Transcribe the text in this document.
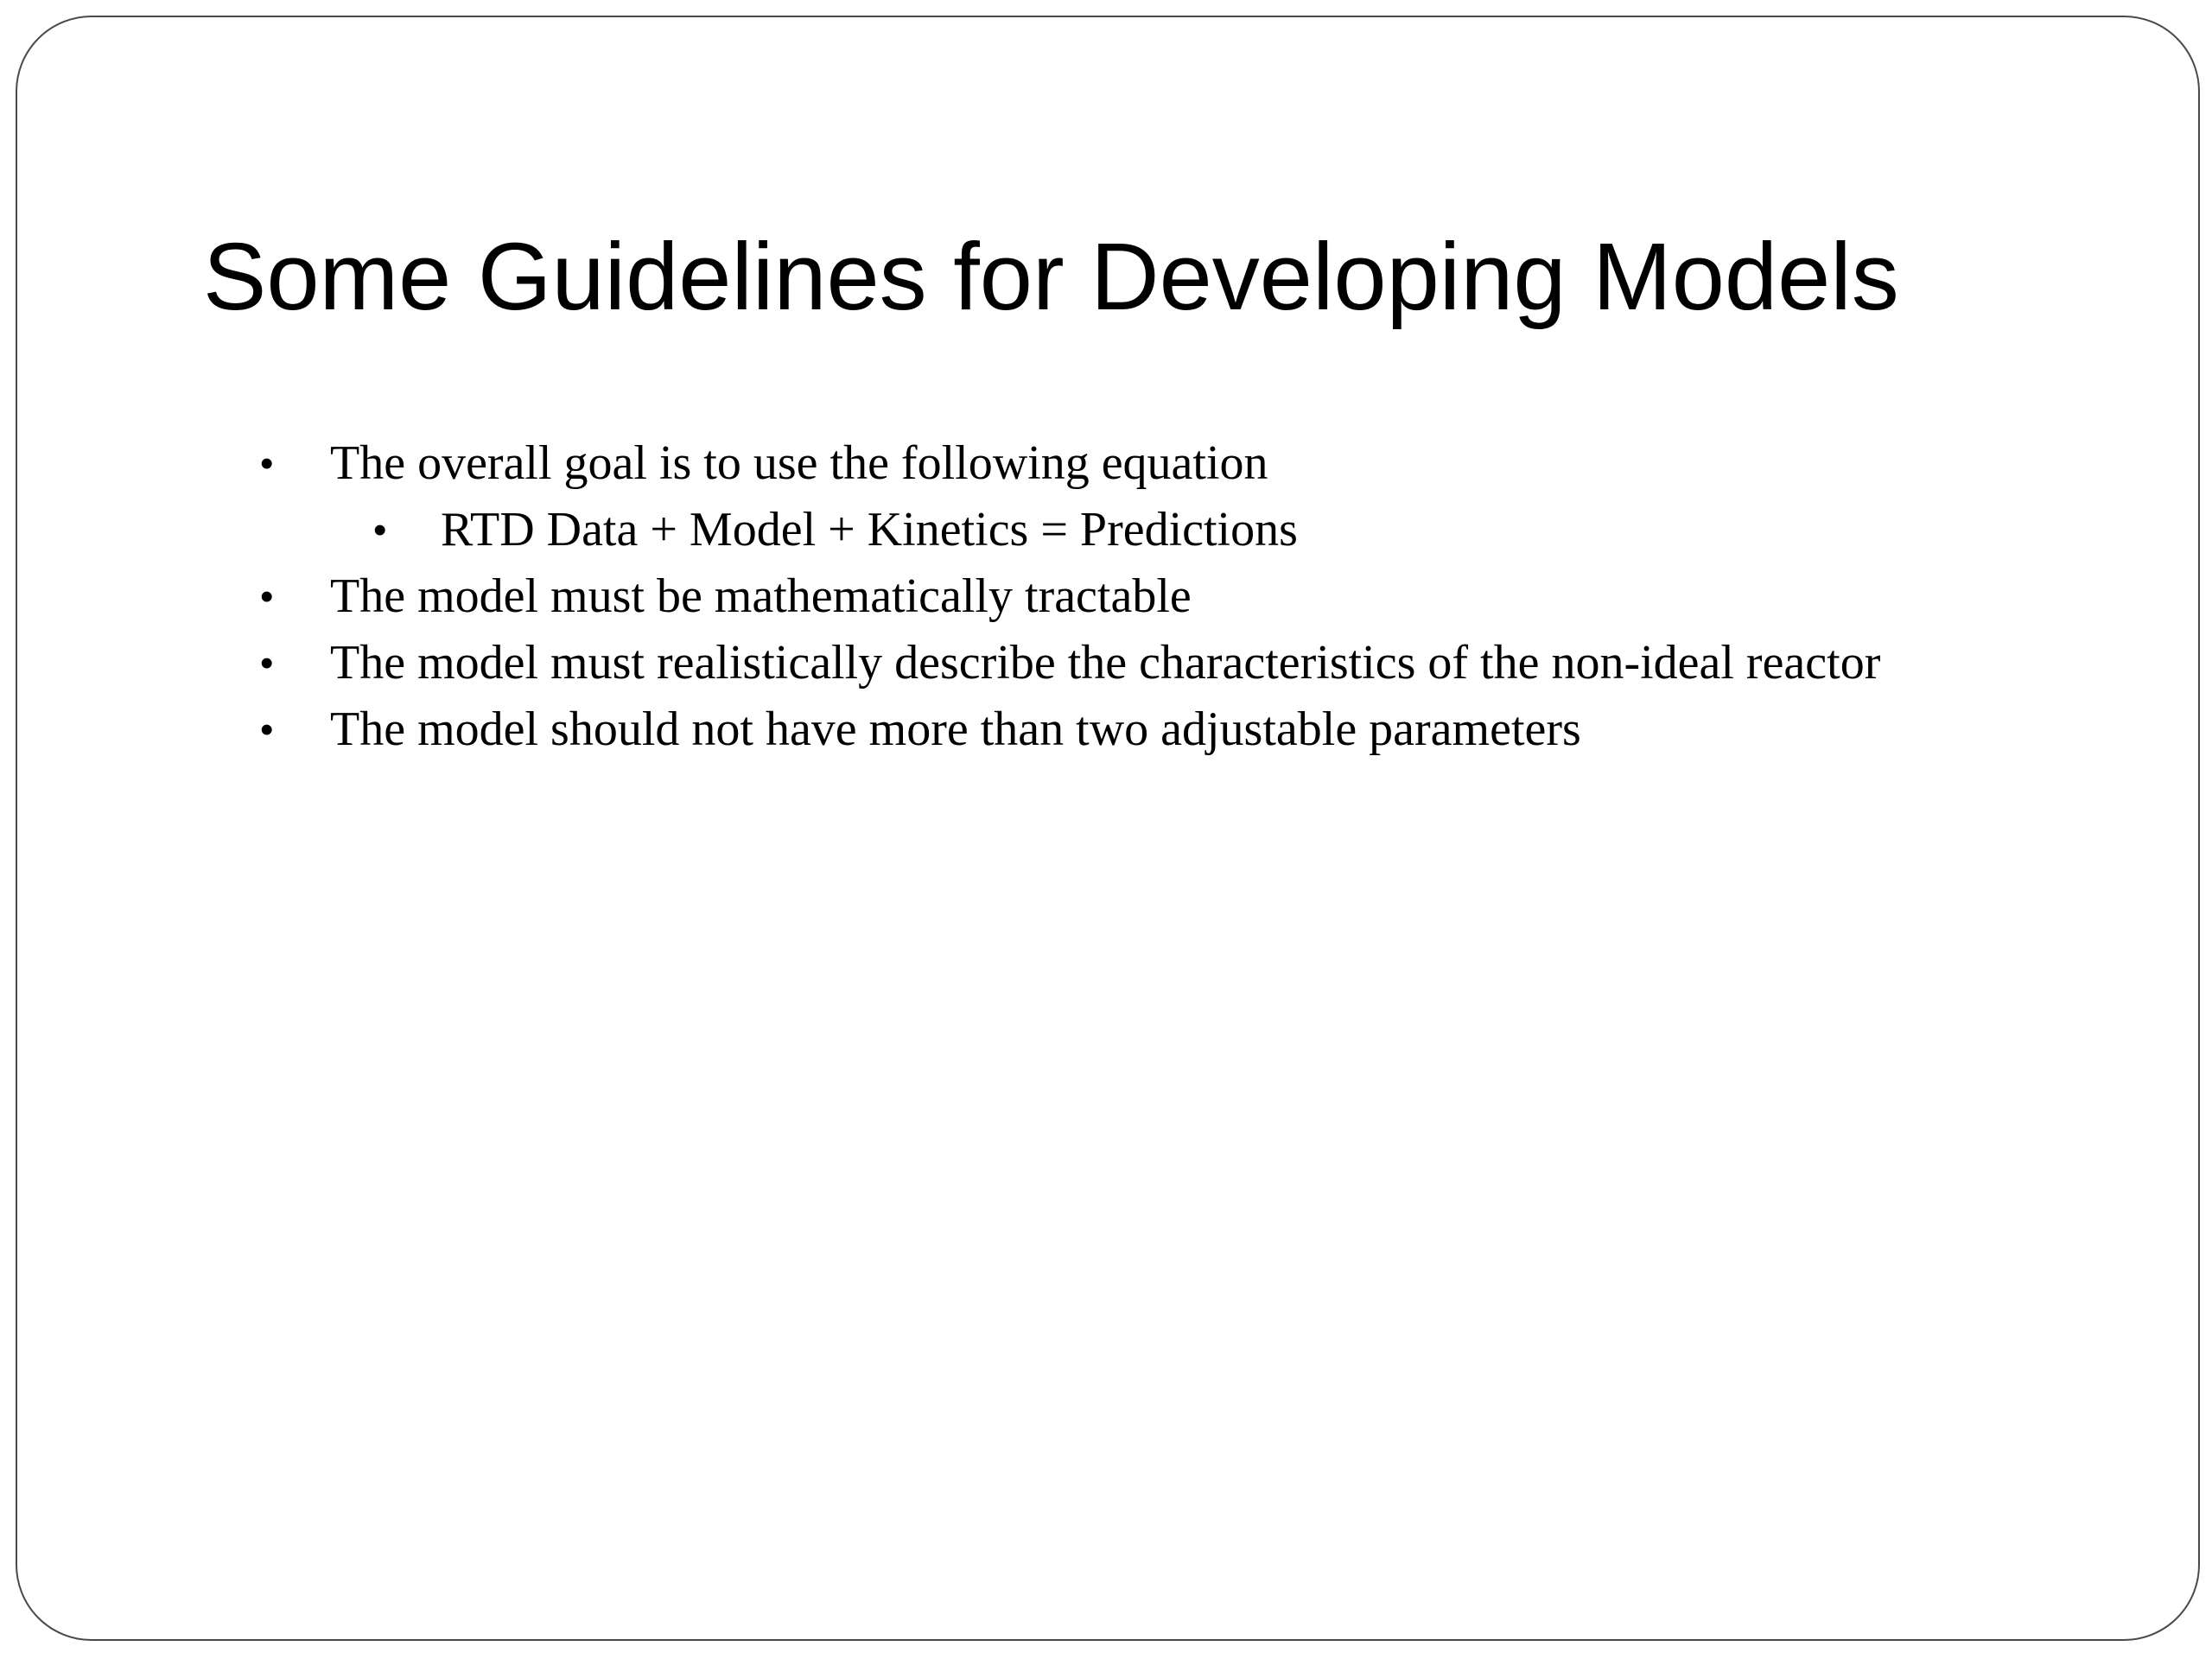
Some Guidelines for Developing Models
• The overall goal is to use the following equation
• RTD Data + Model + Kinetics = Predictions
• The model must be mathematically tractable
• The model must realistically describe the characteristics of the non-ideal reactor
• The model should not have more than two adjustable parameters
